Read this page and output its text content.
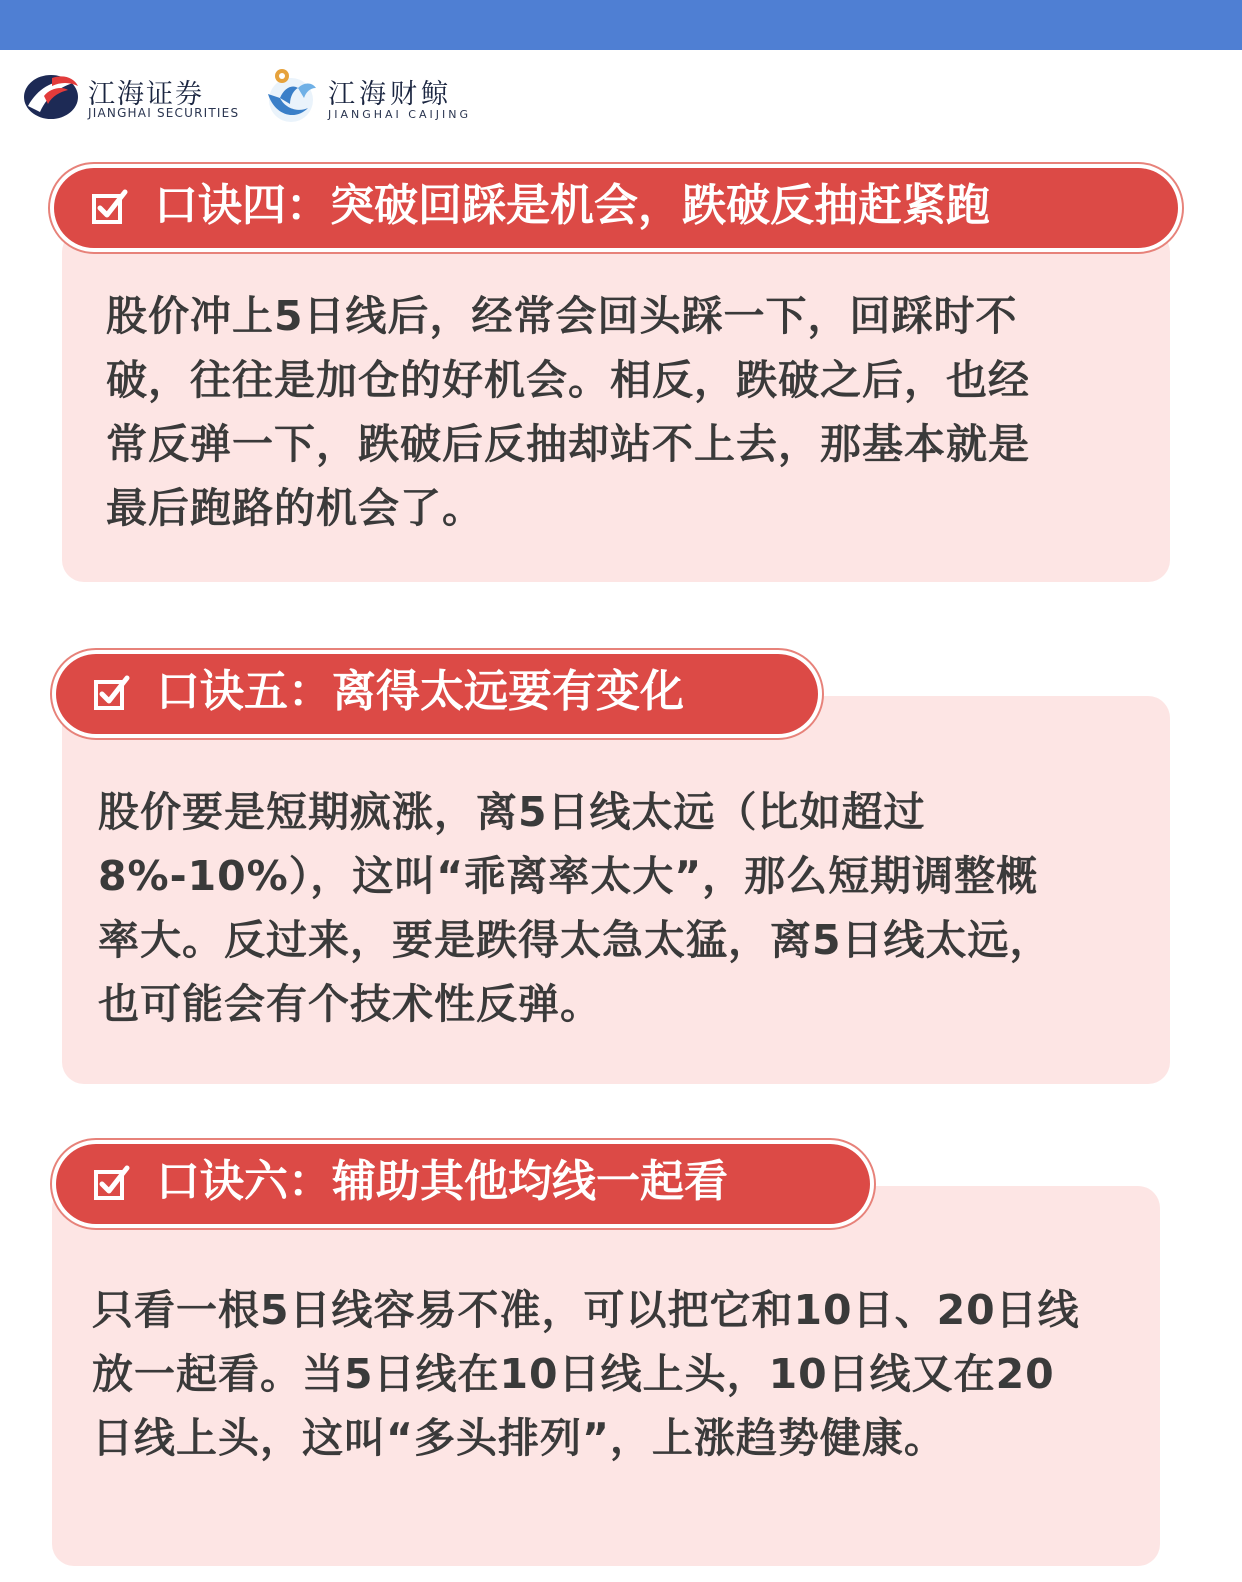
江海证券
JIANGHAI SECURITIES
江海财鲸
JIANGHAI CAIJING
股价冲上5日线后，经常会回头踩一下，回踩时不
破，往往是加仓的好机会。相反，跌破之后，也经
常反弹一下，跌破后反抽却站不上去，那基本就是
最后跑路的机会了。
口诀四：突破回踩是机会，跌破反抽赶紧跑
股价要是短期疯涨，离5日线太远（比如超过
8%-10%），这叫“乖离率太大”，那么短期调整概
率大。反过来，要是跌得太急太猛，离5日线太远，
也可能会有个技术性反弹。
口诀五：离得太远要有变化
只看一根5日线容易不准，可以把它和10日、20日线
放一起看。当5日线在10日线上头，10日线又在20
日线上头，这叫“多头排列”，上涨趋势健康。
口诀六：辅助其他均线一起看
